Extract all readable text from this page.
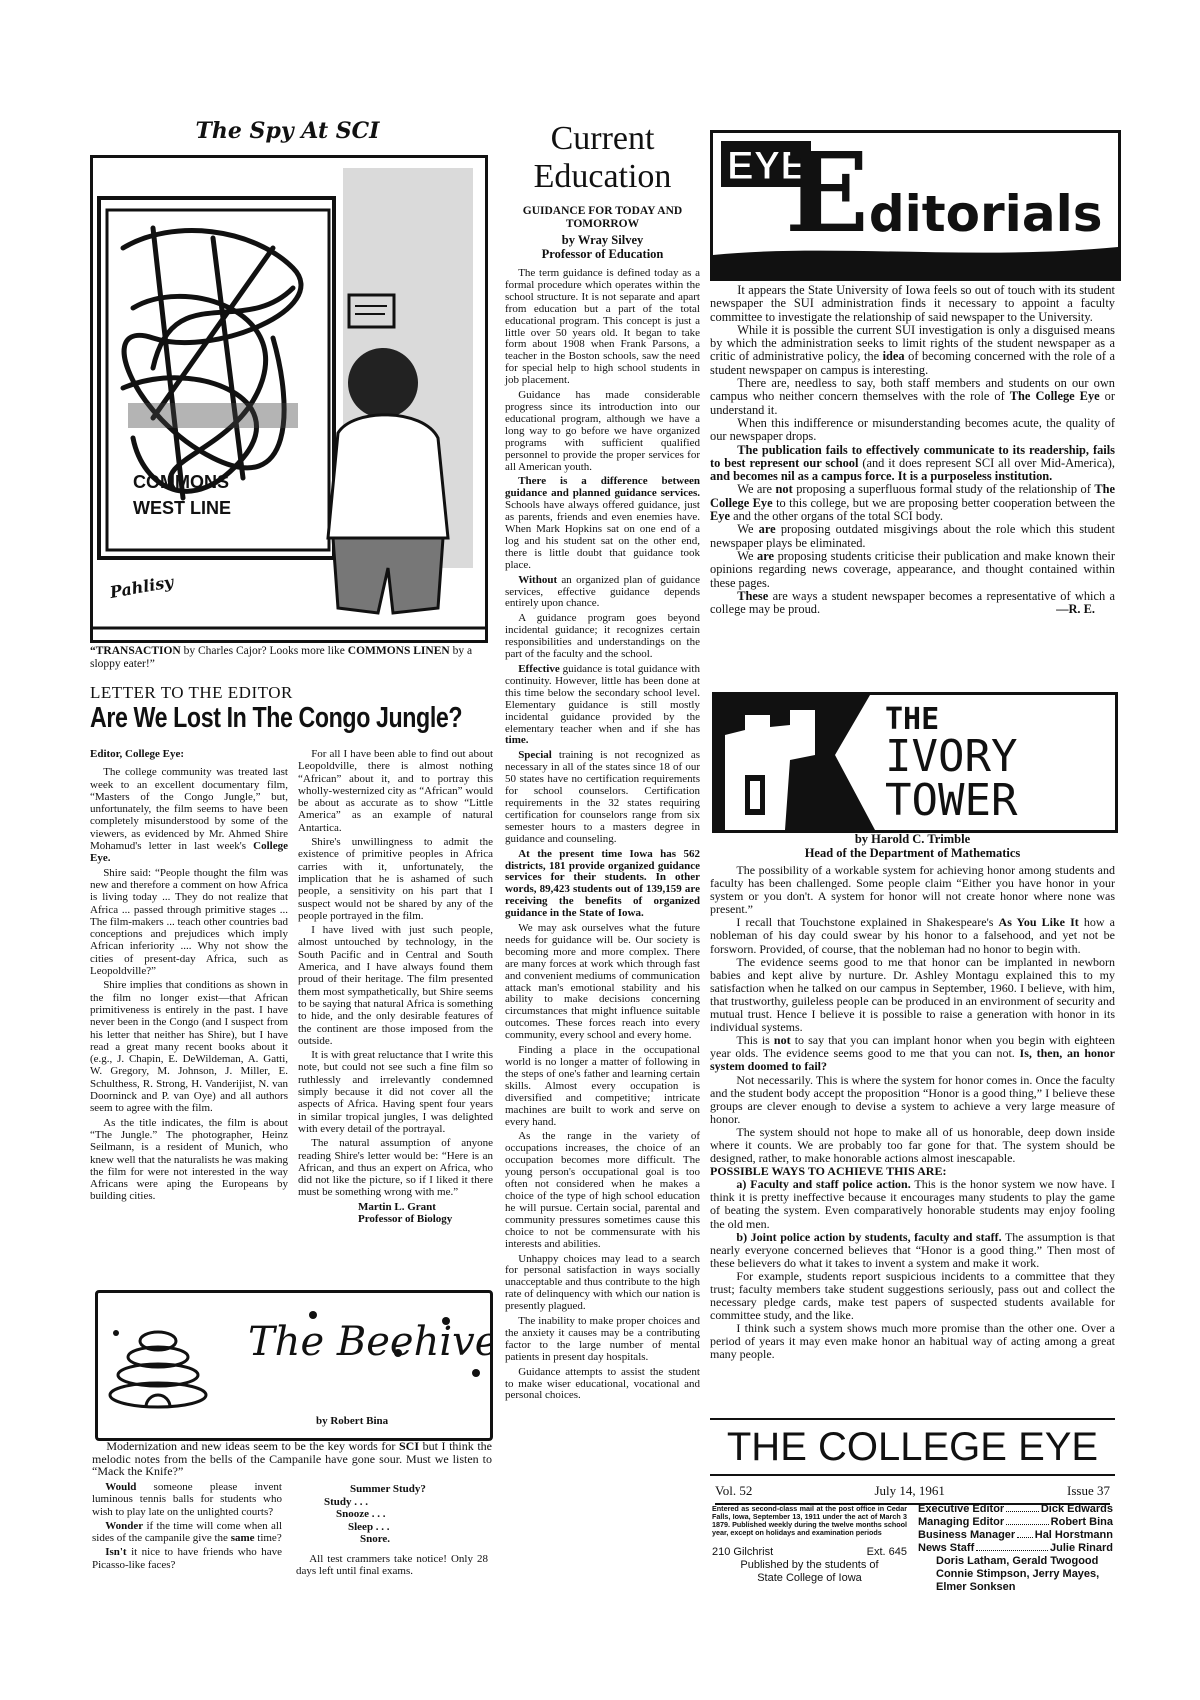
The Spy At SCI
COMMONS
WEST LINE
Pahlisy
“TRANSACTION by Charles Cajor? Looks more like COMMONS LINEN by a sloppy eater!”
LETTER TO THE EDITOR
Are We Lost In The Congo Jungle?
Editor, College Eye:

The college community was treated last week to an excellent documentary film, “Masters of the Congo Jungle,” but, unfortunately, the film seems to have been completely misunderstood by some of the viewers, as evidenced by Mr. Ahmed Shire Mohamud's letter in last week's College Eye.

Shire said: “People thought the film was new and therefore a comment on how Africa is living today ... They do not realize that Africa ... passed through primitive stages ... The film-makers ... teach other countries bad conceptions and prejudices which imply African inferiority .... Why not show the cities of present-day Africa, such as Leopoldville?”

Shire implies that conditions as shown in the film no longer exist—that African primitiveness is entirely in the past. I have never been in the Congo (and I suspect from his letter that neither has Shire), but I have read a great many recent books about it (e.g., J. Chapin, E. DeWildeman, A. Gatti, W. Gregory, M. Johnson, J. Miller, E. Schulthess, R. Strong, H. Vanderijist, N. van Doorninck and P. van Oye) and all authors seem to agree with the film.

As the title indicates, the film is about “The Jungle.” The photographer, Heinz Seilmann, is a resident of Munich, who knew well that the naturalists he was making the film for were not interested in the way Africans were aping the Europeans by building cities.

For all I have been able to find out about Leopoldville, there is almost nothing “African” about it, and to portray this wholly-westernized city as “African” would be about as accurate as to show “Little America” as an example of natural Antartica.

Shire's unwillingness to admit the existence of primitive peoples in Africa carries with it, unfortunately, the implication that he is ashamed of such people, a sensitivity on his part that I suspect would not be shared by any of the people portrayed in the film.

I have lived with just such people, almost untouched by technology, in the South Pacific and in Central and South America, and I have always found them proud of their heritage. The film presented them most sympathetically, but Shire seems to be saying that natural Africa is something to hide, and the only desirable features of the continent are those imposed from the outside.

It is with great reluctance that I write this note, but could not see such a fine film so ruthlessly and irrelevantly condemned simply because it did not cover all the aspects of Africa. Having spent four years in similar tropical jungles, I was delighted with every detail of the portrayal.

The natural assumption of anyone reading Shire's letter would be: “Here is an African, and thus an expert on Africa, who did not like the picture, so if I liked it there must be something wrong with me.”

Martin L. Grant
Professor of Biology
The Beehive
by Robert Bina

Modernization and new ideas seem to be the key words for SCI but I think the melodic notes from the bells of the Campanile have gone sour. Must we listen to “Mack the Knife?”

Would someone please invent luminous tennis balls for students who wish to play late on the unlighted courts?

Wonder if the time will come when all sides of the campanile give the same time?

Isn't it nice to have friends who have Picasso-like faces?

Summer Study?
Study . . .
Snooze . . .
Sleep . . .
Snore.

All test crammers take notice! Only 28 days left until final exams.

Current
Education
GUIDANCE FOR TODAY AND TOMORROW
by Wray Silvey
Professor of Education

The term guidance is defined today as a formal procedure which operates within the school structure. It is not separate and apart from education but a part of the total educational program. This concept is just a little over 50 years old. It began to take form about 1908 when Frank Parsons, a teacher in the Boston schools, saw the need for special help to high school students in job placement.

Guidance has made considerable progress since its introduction into our educational program, although we have a long way to go before we have organized programs with sufficient qualified personnel to provide the proper services for all American youth.

There is a difference between guidance and planned guidance services. Schools have always offered guidance, just as parents, friends and even enemies have. When Mark Hopkins sat on one end of a log and his student sat on the other end, there is little doubt that guidance took place.

Without an organized plan of guidance services, effective guidance depends entirely upon chance.

A guidance program goes beyond incidental guidance; it recognizes certain responsibilities and understandings on the part of the faculty and the school.

Effective guidance is total guidance with continuity. However, little has been done at this time below the secondary school level. Elementary guidance is still mostly incidental guidance provided by the elementary teacher when and if she has time.

Special training is not recognized as necessary in all of the states since 18 of our 50 states have no certification requirements for school counselors. Certification requirements in the 32 states requiring certification for counselors range from six semester hours to a masters degree in guidance and counseling.

At the present time Iowa has 562 districts, 181 provide organized guidance services for their students. In other words, 89,423 students out of 139,159 are receiving the benefits of organized guidance in the State of Iowa.

We may ask ourselves what the future needs for guidance will be. Our society is becoming more and more complex. There are many forces at work which through fast and convenient mediums of communication attack man's emotional stability and his ability to make decisions concerning circumstances that might influence suitable outcomes. These forces reach into every community, every school and every home.

Finding a place in the occupational world is no longer a matter of following in the steps of one's father and learning certain skills. Almost every occupation is diversified and competitive; intricate machines are built to work and serve on every hand.

As the range in the variety of occupations increases, the choice of an occupation becomes more difficult. The young person's occupational goal is too often not considered when he makes a choice of the type of high school education he will pursue. Certain social, parental and community pressures sometimes cause this choice to not be commensurate with his interests and abilities.

Unhappy choices may lead to a search for personal satisfaction in ways socially unacceptable and thus contribute to the high rate of delinquency with which our nation is presently plagued.

The inability to make proper choices and the anxiety it causes may be a contributing factor to the large number of mental patients in present day hospitals.

Guidance attempts to assist the student to make wiser educational, vocational and personal choices.

EYE
Editorials

It appears the State University of Iowa feels so out of touch with its student newspaper the SUI administration finds it necessary to appoint a faculty committee to investigate the relationship of said newspaper to the University.

While it is possible the current SUI investigation is only a disguised means by which the administration seeks to limit rights of the student newspaper as a critic of administrative policy, the idea of becoming concerned with the role of a student newspaper on campus is interesting.

There are, needless to say, both staff members and students on our own campus who neither concern themselves with the role of The College Eye or understand it.

When this indifference or misunderstanding becomes acute, the quality of our newspaper drops.

The publication fails to effectively communicate to its readership, fails to best represent our school (and it does represent SCI all over Mid-America), and becomes nil as a campus force. It is a purposeless institution.

We are not proposing a superfluous formal study of the relationship of The College Eye to this college, but we are proposing better cooperation between the Eye and the other organs of the total SCI body.

We are proposing outdated misgivings about the role which this student newspaper plays be eliminated.

We are proposing students criticise their publication and make known their opinions regarding news coverage, appearance, and thought contained within these pages.

These are ways a student newspaper becomes a representative of which a college may be proud.	—R. E.
THE
IVORY
TOWER
by Harold C. Trimble
Head of the Department of Mathematics

The possibility of a workable system for achieving honor among students and faculty has been challenged. Some people claim “Either you have honor in your system or you don't. A system for honor will not create honor where none was present.”

I recall that Touchstone explained in Shakespeare's As You Like It how a nobleman of his day could swear by his honor to a falsehood, and yet not be forsworn. Provided, of course, that the nobleman had no honor to begin with.

The evidence seems good to me that honor can be implanted in newborn babies and kept alive by nurture. Dr. Ashley Montagu explained this to my satisfaction when he talked on our campus in September, 1960. I believe, with him, that trustworthy, guileless people can be produced in an environment of security and mutual trust. Hence I believe it is possible to raise a generation with honor in its individual systems.

This is not to say that you can implant honor when you begin with eighteen year olds. The evidence seems good to me that you can not. Is, then, an honor system doomed to fail?

Not necessarily. This is where the system for honor comes in. Once the faculty and the student body accept the proposition “Honor is a good thing,” I believe these groups are clever enough to devise a system to achieve a very large measure of honor.

The system should not hope to make all of us honorable, deep down inside where it counts. We are probably too far gone for that. The system should be designed, rather, to make honorable actions almost inescapable.

POSSIBLE WAYS TO ACHIEVE THIS ARE:

a) Faculty and staff police action. This is the honor system we now have. I think it is pretty ineffective because it encourages many students to play the game of beating the system. Even comparatively honorable students may enjoy fooling the old men.

b) Joint police action by students, faculty and staff. The assumption is that nearly everyone concerned believes that “Honor is a good thing.” Then most of these believers do what it takes to invent a system and make it work.

For example, students report suspicious incidents to a committee that they trust; faculty members take student suggestions seriously, pass out and collect the necessary pledge cards, make test papers of suspected students available for committee study, and the like.

I think such a system shows much more promise than the other one. Over a period of years it may even make honor an habitual way of acting among a great many people.

THE COLLEGE EYE
Vol. 52	July 14, 1961	Issue 37
Entered as second-class mail at the post office in Cedar Falls, Iowa, September 13, 1911 under the act of March 3 1879. Published weekly during the twelve months school year, except on holidays and examination periods
210 Gilchrist	Ext. 645
Published by the students of
State College of Iowa
Executive Editor	Dick Edwards
Managing Editor	Robert Bina
Business Manager Hal Horstmann
News Staff	Julie Rinard
Doris Latham, Gerald Twogood
Connie Stimpson, Jerry Mayes,
Elmer Sonksen
